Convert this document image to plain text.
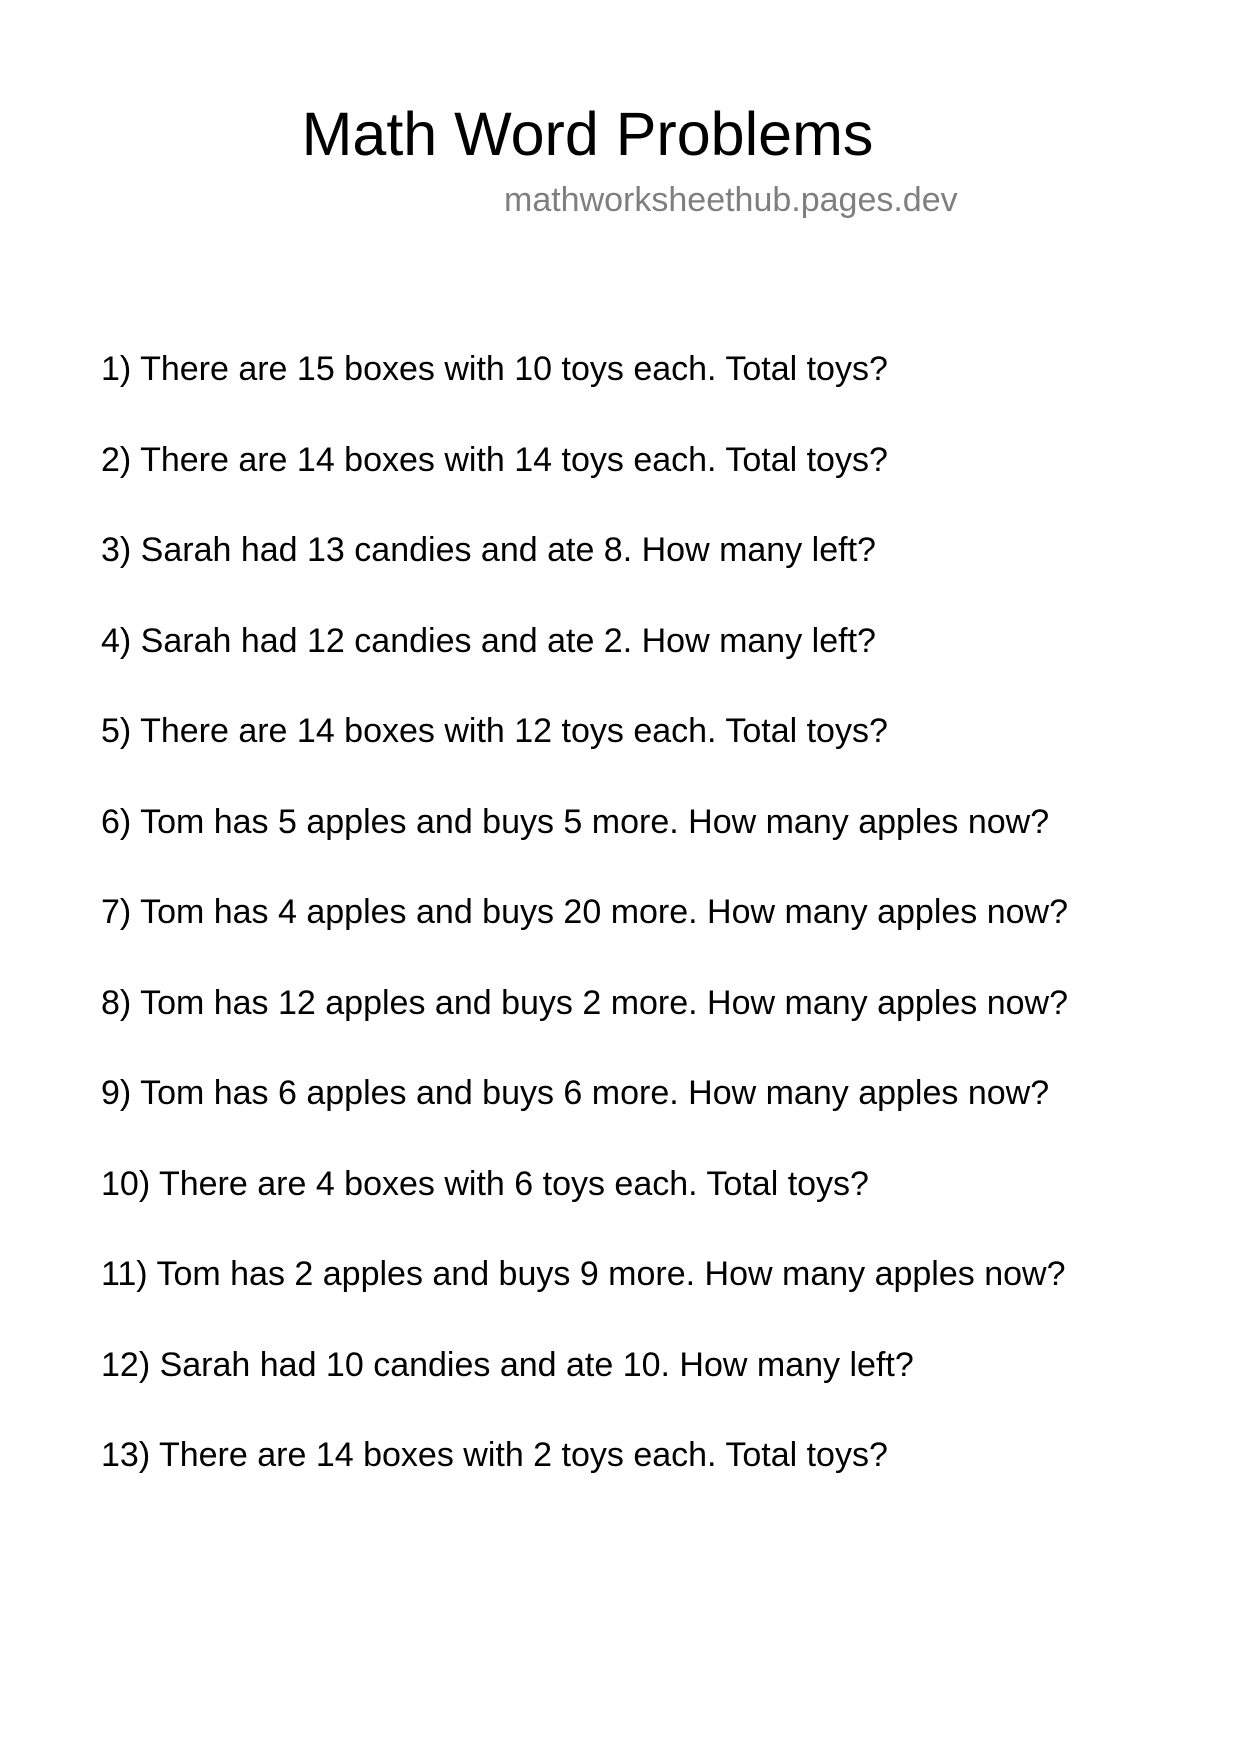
Math Word Problems
mathworksheethub.pages.dev
1) There are 15 boxes with 10 toys each. Total toys?
2) There are 14 boxes with 14 toys each. Total toys?
3) Sarah had 13 candies and ate 8. How many left?
4) Sarah had 12 candies and ate 2. How many left?
5) There are 14 boxes with 12 toys each. Total toys?
6) Tom has 5 apples and buys 5 more. How many apples now?
7) Tom has 4 apples and buys 20 more. How many apples now?
8) Tom has 12 apples and buys 2 more. How many apples now?
9) Tom has 6 apples and buys 6 more. How many apples now?
10) There are 4 boxes with 6 toys each. Total toys?
11) Tom has 2 apples and buys 9 more. How many apples now?
12) Sarah had 10 candies and ate 10. How many left?
13) There are 14 boxes with 2 toys each. Total toys?
